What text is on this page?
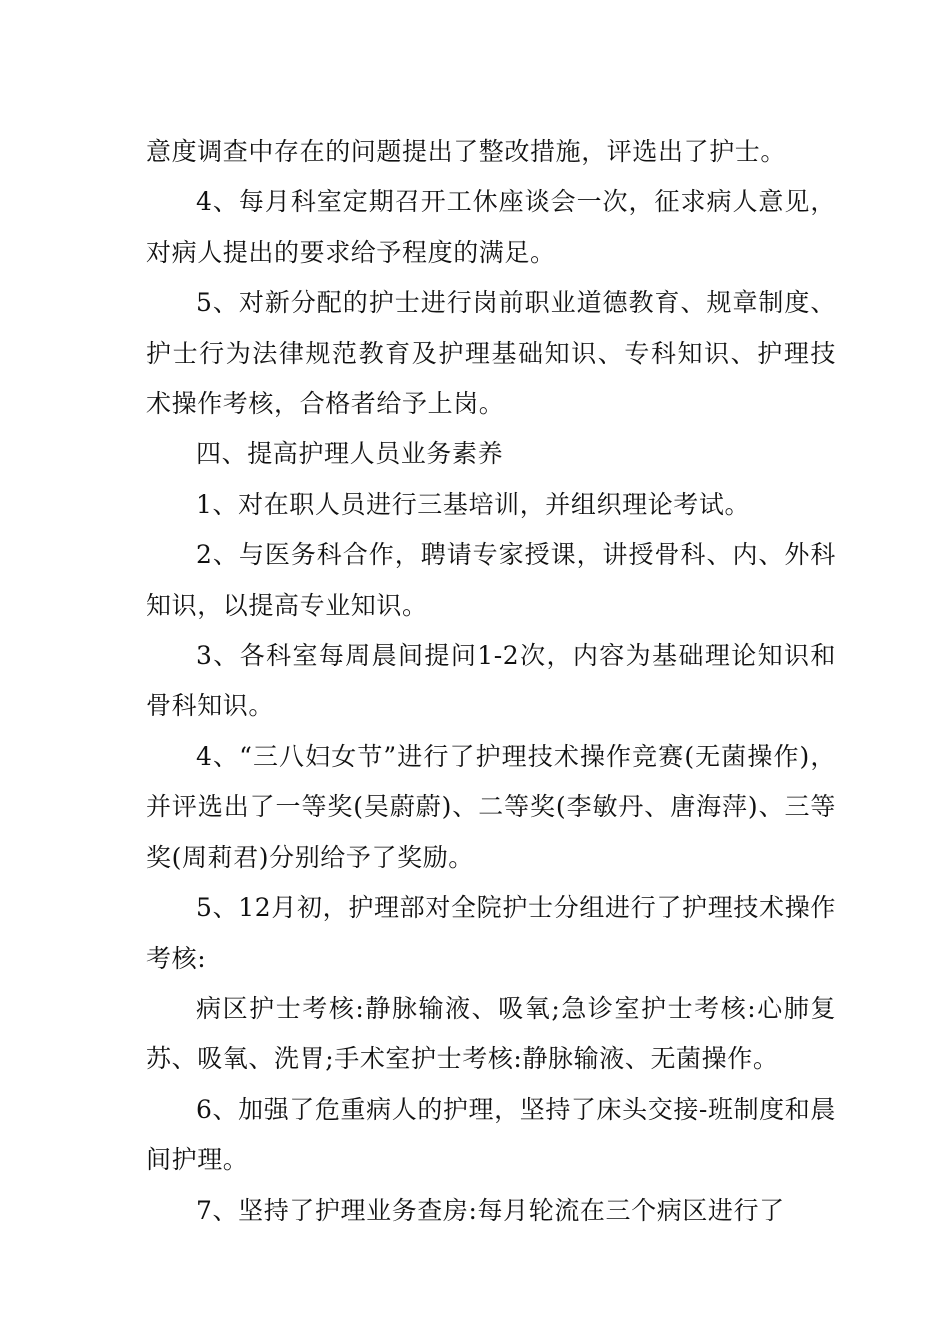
意度调查中存在的问题提出了整改措施，评选出了护士。

4、每月科室定期召开工休座谈会一次，征求病人意见，对病人提出的要求给予程度的满足。

5、对新分配的护士进行岗前职业道德教育、规章制度、护士行为法律规范教育及护理基础知识、专科知识、护理技术操作考核，合格者给予上岗。

四、提高护理人员业务素养

1、对在职人员进行三基培训，并组织理论考试。

2、与医务科合作，聘请专家授课，讲授骨科、内、外科知识，以提高专业知识。

3、各科室每周晨间提问1-2次，内容为基础理论知识和骨科知识。

4、“三八妇女节”进行了护理技术操作竞赛(无菌操作)，并评选出了一等奖(吴蔚蔚)、二等奖(李敏丹、唐海萍)、三等奖(周莉君)分别给予了奖励。

5、12月初，护理部对全院护士分组进行了护理技术操作考核:

病区护士考核:静脉输液、吸氧;急诊室护士考核:心肺复苏、吸氧、洗胃;手术室护士考核:静脉输液、无菌操作。

6、加强了危重病人的护理，坚持了床头交接-班制度和晨间护理。

7、坚持了护理业务查房:每月轮流在三个病区进行了
